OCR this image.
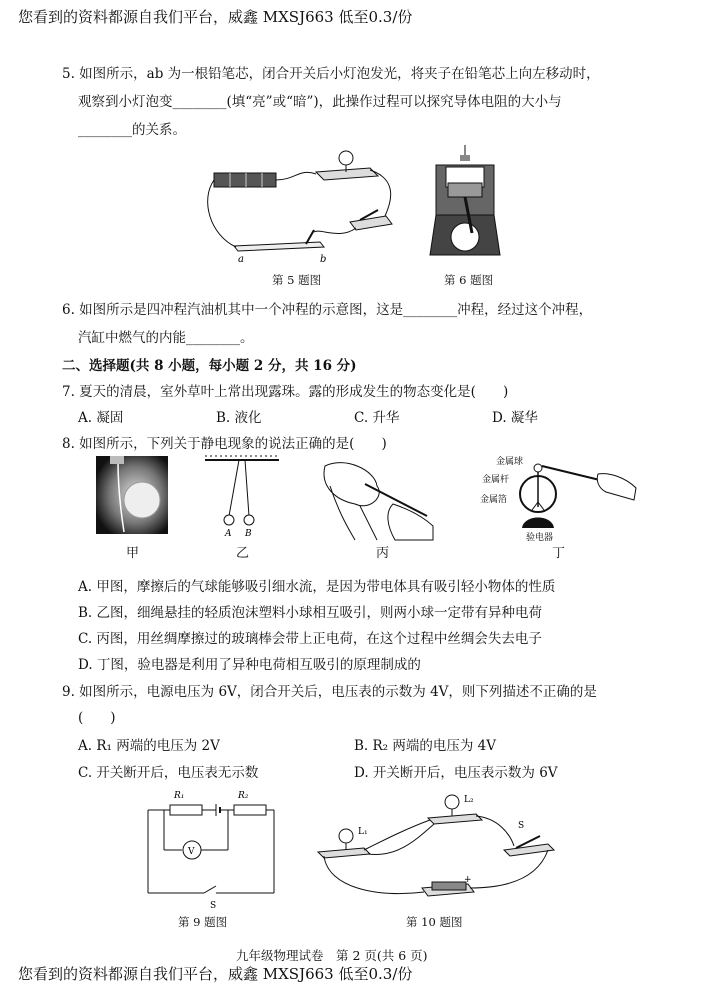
您看到的资料都源自我们平台，威鑫 MXSJ663 低至0.3/份
5. 如图所示，ab 为一根铅笔芯，闭合开关后小灯泡发光，将夹子在铅笔芯上向左移动时，
观察到小灯泡变________(填“亮”或“暗”)，此操作过程可以探究导体电阻的大小与
________的关系。
a	b
第 5 题图	第 6 题图
6. 如图所示是四冲程汽油机其中一个冲程的示意图，这是________冲程，经过这个冲程，
汽缸中燃气的内能________。
二、选择题(共 8 小题，每小题 2 分，共 16 分)
7. 夏天的清晨，室外草叶上常出现露珠。露的形成发生的物态变化是(　　)
A. 凝固	B. 液化	C. 升华	D. 凝华
8. 如图所示，下列关于静电现象的说法正确的是(　　)
甲
A B
乙	丙
金属球
金属杆
金属箔
验电器
丁
A. 甲图，摩擦后的气球能够吸引细水流，是因为带电体具有吸引轻小物体的性质
B. 乙图，细绳悬挂的轻质泡沫塑料小球相互吸引，则两小球一定带有异种电荷
C. 丙图，用丝绸摩擦过的玻璃棒会带上正电荷，在这个过程中丝绸会失去电子
D. 丁图，验电器是利用了异种电荷相互吸引的原理制成的
9. 如图所示，电源电压为 6V，闭合开关后，电压表的示数为 4V，则下列描述不正确的是
(　　)
A. R₁ 两端的电压为 2V	B. R₂ 两端的电压为 4V
C. 开关断开后，电压表无示数	D. 开关断开后，电压表示数为 6V
R₁	R₂
V
S
第 9 题图
L₂
L₁
S
+
第 10 题图
九年级物理试卷　第 2 页(共 6 页)
您看到的资料都源自我们平台，威鑫 MXSJ663 低至0.3/份
